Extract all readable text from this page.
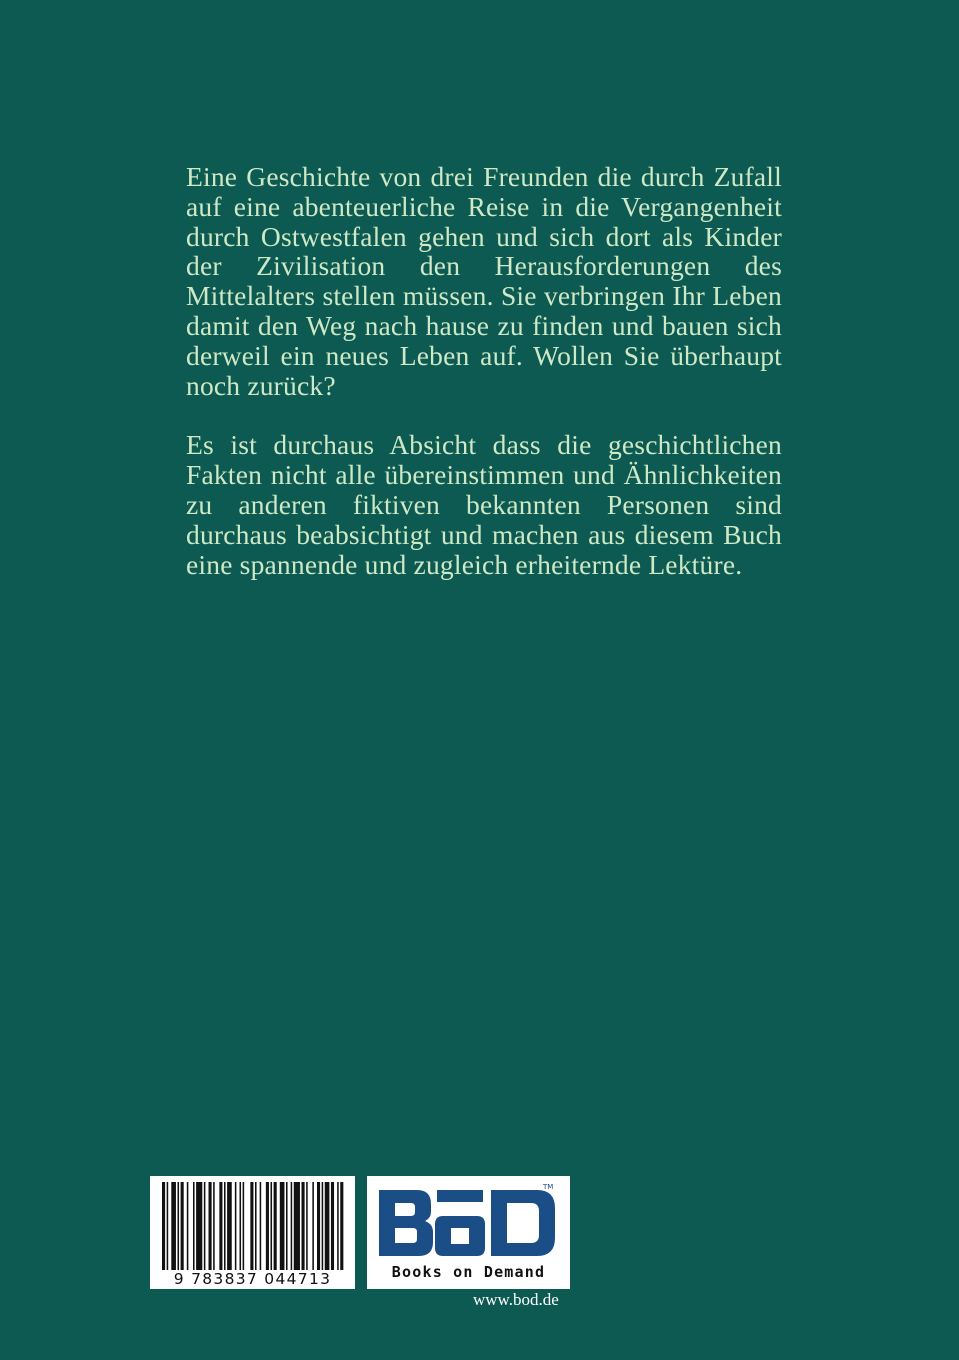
Eine Geschichte von drei Freunden die durch Zufall auf eine abenteuerliche Reise in die Vergangenheit durch Ostwestfalen gehen und sich dort als Kinder der Zivilisation den Herausforderungen des Mittelalters stellen müssen. Sie verbringen Ihr Leben damit den Weg nach hause zu finden und bauen sich derweil ein neues Leben auf. Wollen Sie überhaupt noch zurück?

Es ist durchaus Absicht dass die geschichtlichen Fakten nicht alle übereinstimmen und Ähnlichkeiten zu anderen fiktiven bekannten Personen sind durchaus beabsichtigt und machen aus diesem Buch eine spannende und zugleich erheiternde Lektüre.

9 783837 044713
TM
Books on Demand
www.bod.de
